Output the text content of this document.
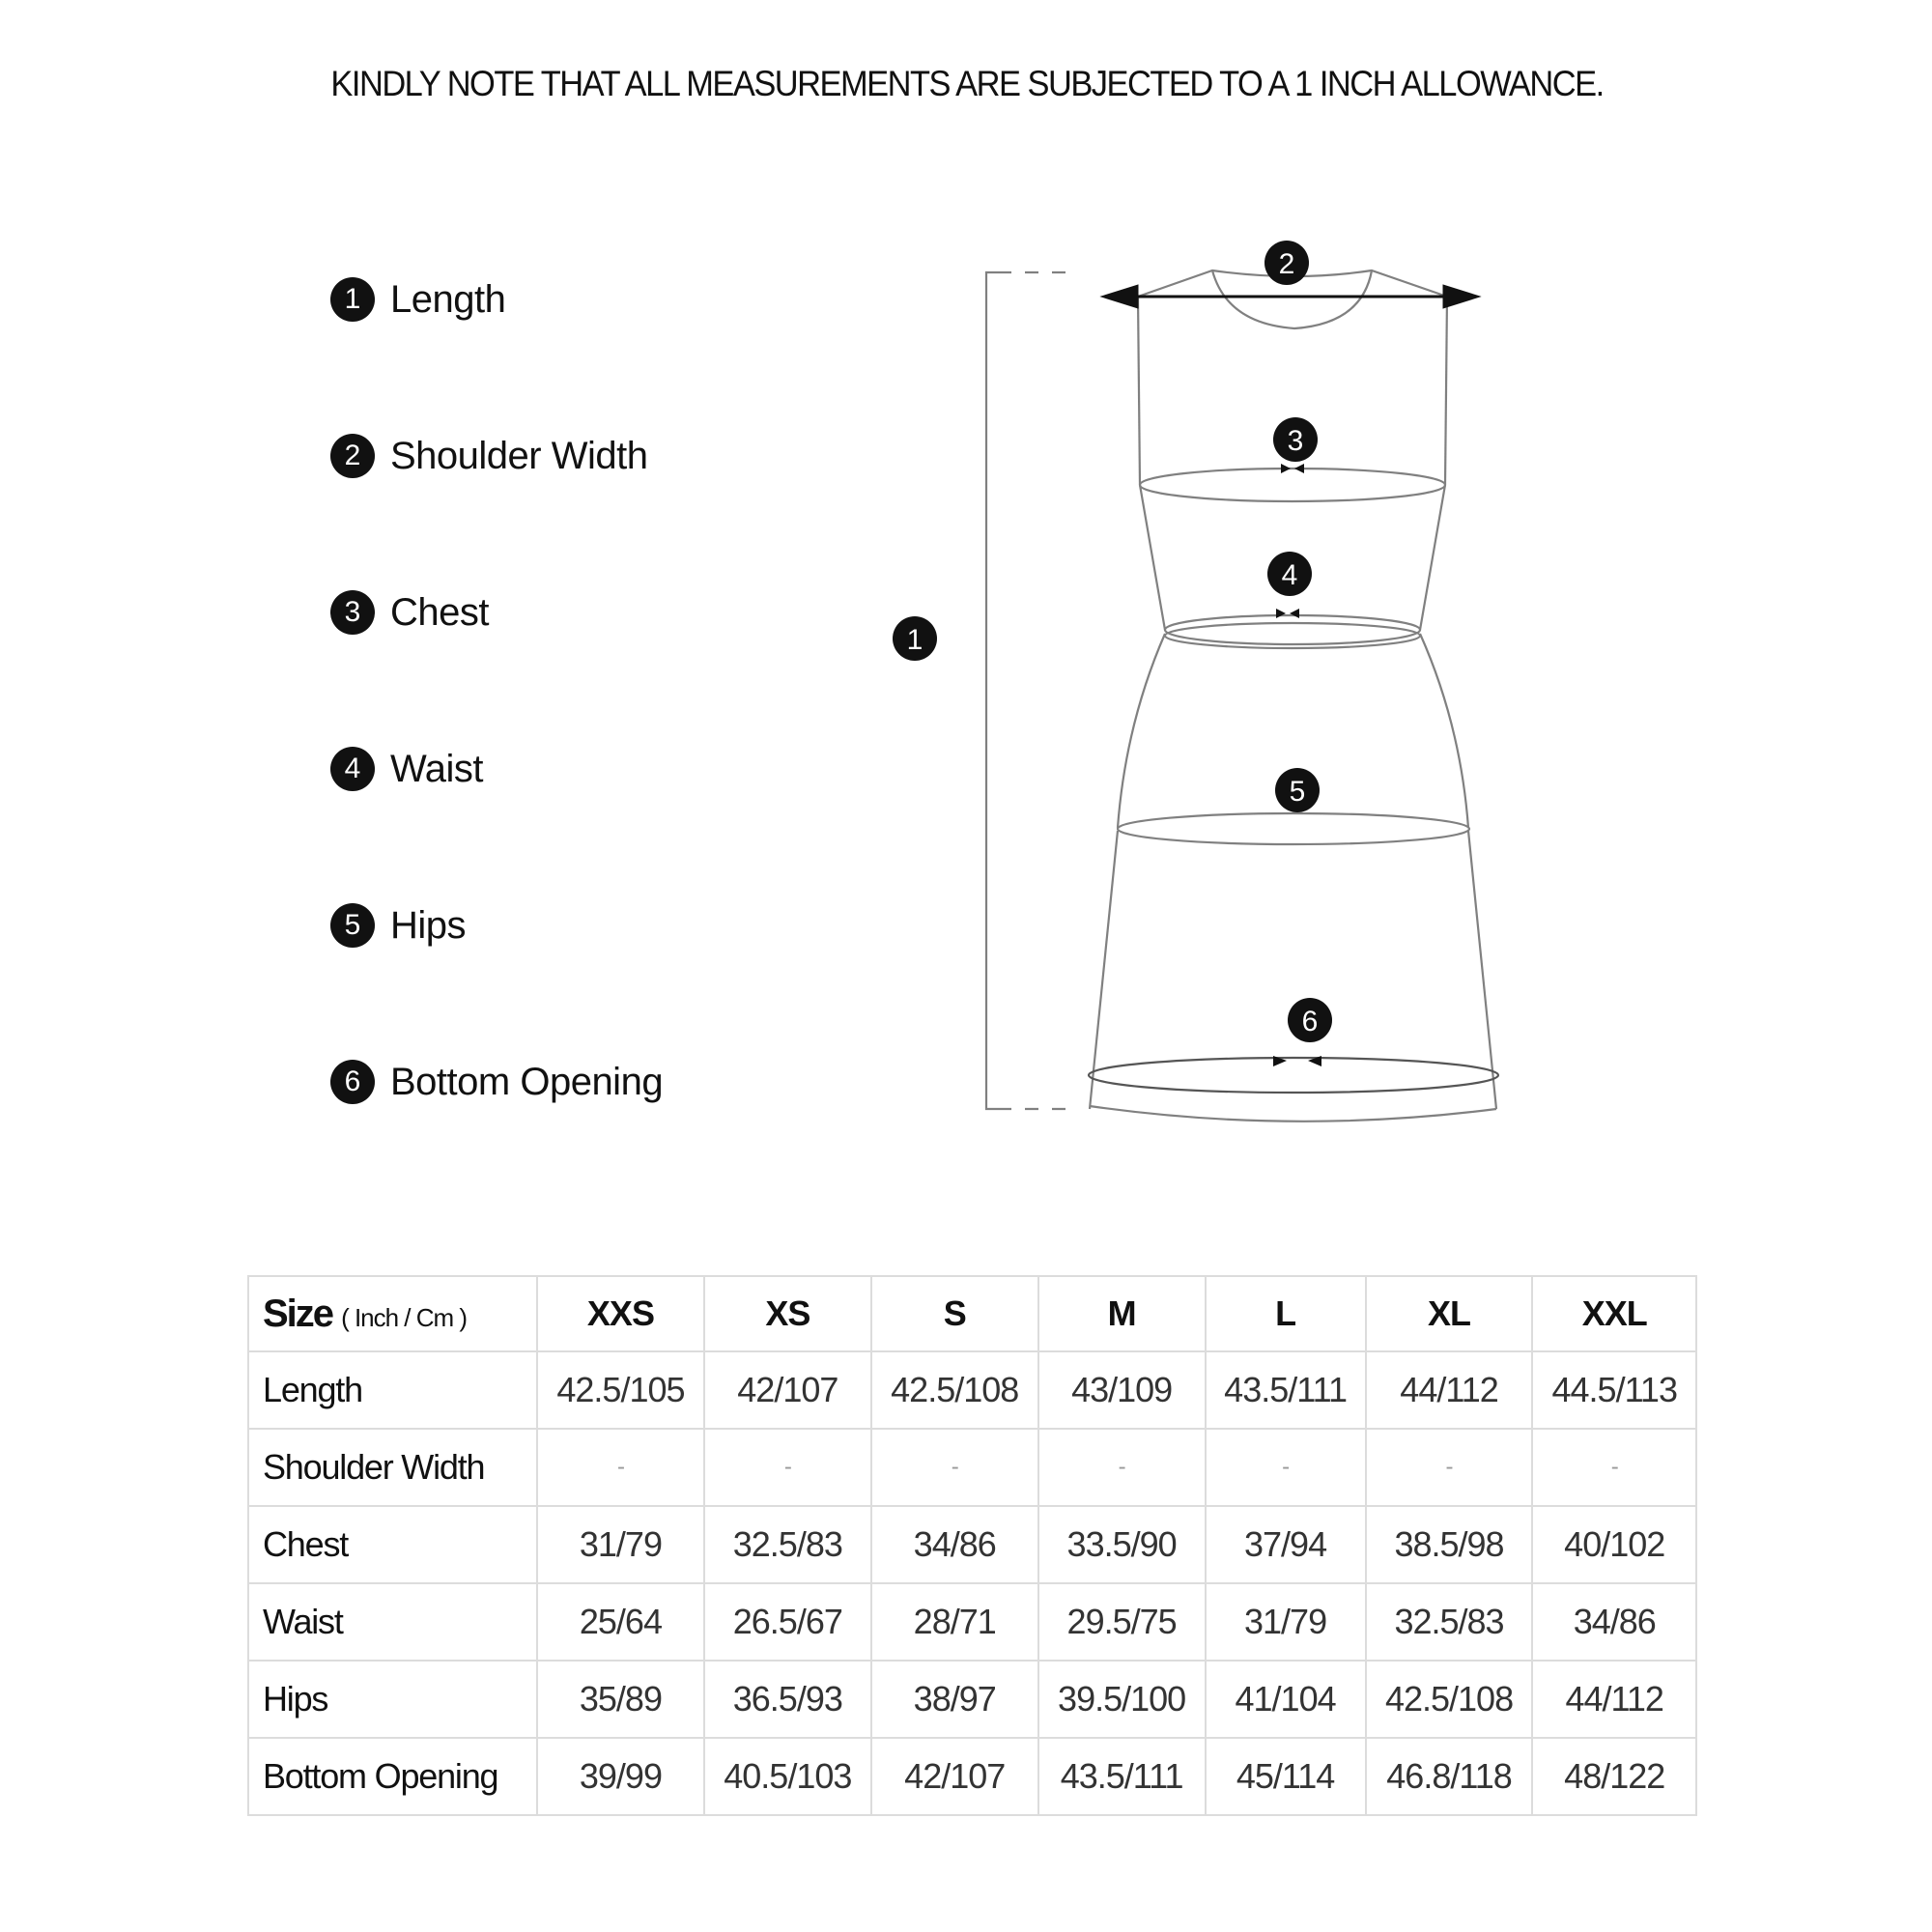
KINDLY NOTE THAT ALL MEASUREMENTS ARE SUBJECTED TO A 1 INCH ALLOWANCE.
1 Length
2 Shoulder Width
3 Chest
4 Waist
5 Hips
6 Bottom Opening
1
2
3
4
5
6
Size ( Inch / Cm )	XXS	XS	S	M	L	XL	XXL
Length	42.5/105	42/107	42.5/108	43/109	43.5/111	44/112	44.5/113
Shoulder Width	-	-	-	-	-	-	-
Chest	31/79	32.5/83	34/86	33.5/90	37/94	38.5/98	40/102
Waist	25/64	26.5/67	28/71	29.5/75	31/79	32.5/83	34/86
Hips	35/89	36.5/93	38/97	39.5/100	41/104	42.5/108	44/112
Bottom Opening	39/99	40.5/103	42/107	43.5/111	45/114	46.8/118	48/122
